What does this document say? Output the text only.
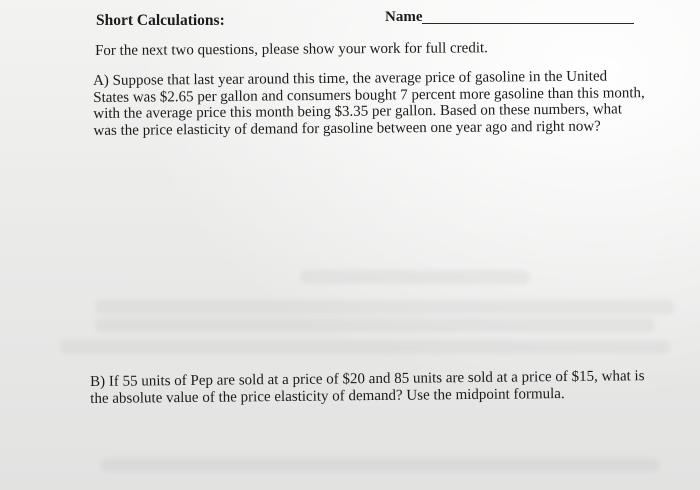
Name
Short Calculations:
For the next two questions, please show your work for full credit.
A) Suppose that last year around this time, the average price of gasoline in the United States was $2.65 per gallon and consumers bought 7 percent more gasoline than this month, with the average price this month being $3.35 per gallon. Based on these numbers, what was the price elasticity of demand for gasoline between one year ago and right now?
B) If 55 units of Pep are sold at a price of $20 and 85 units are sold at a price of $15, what is the absolute value of the price elasticity of demand? Use the midpoint formula.
